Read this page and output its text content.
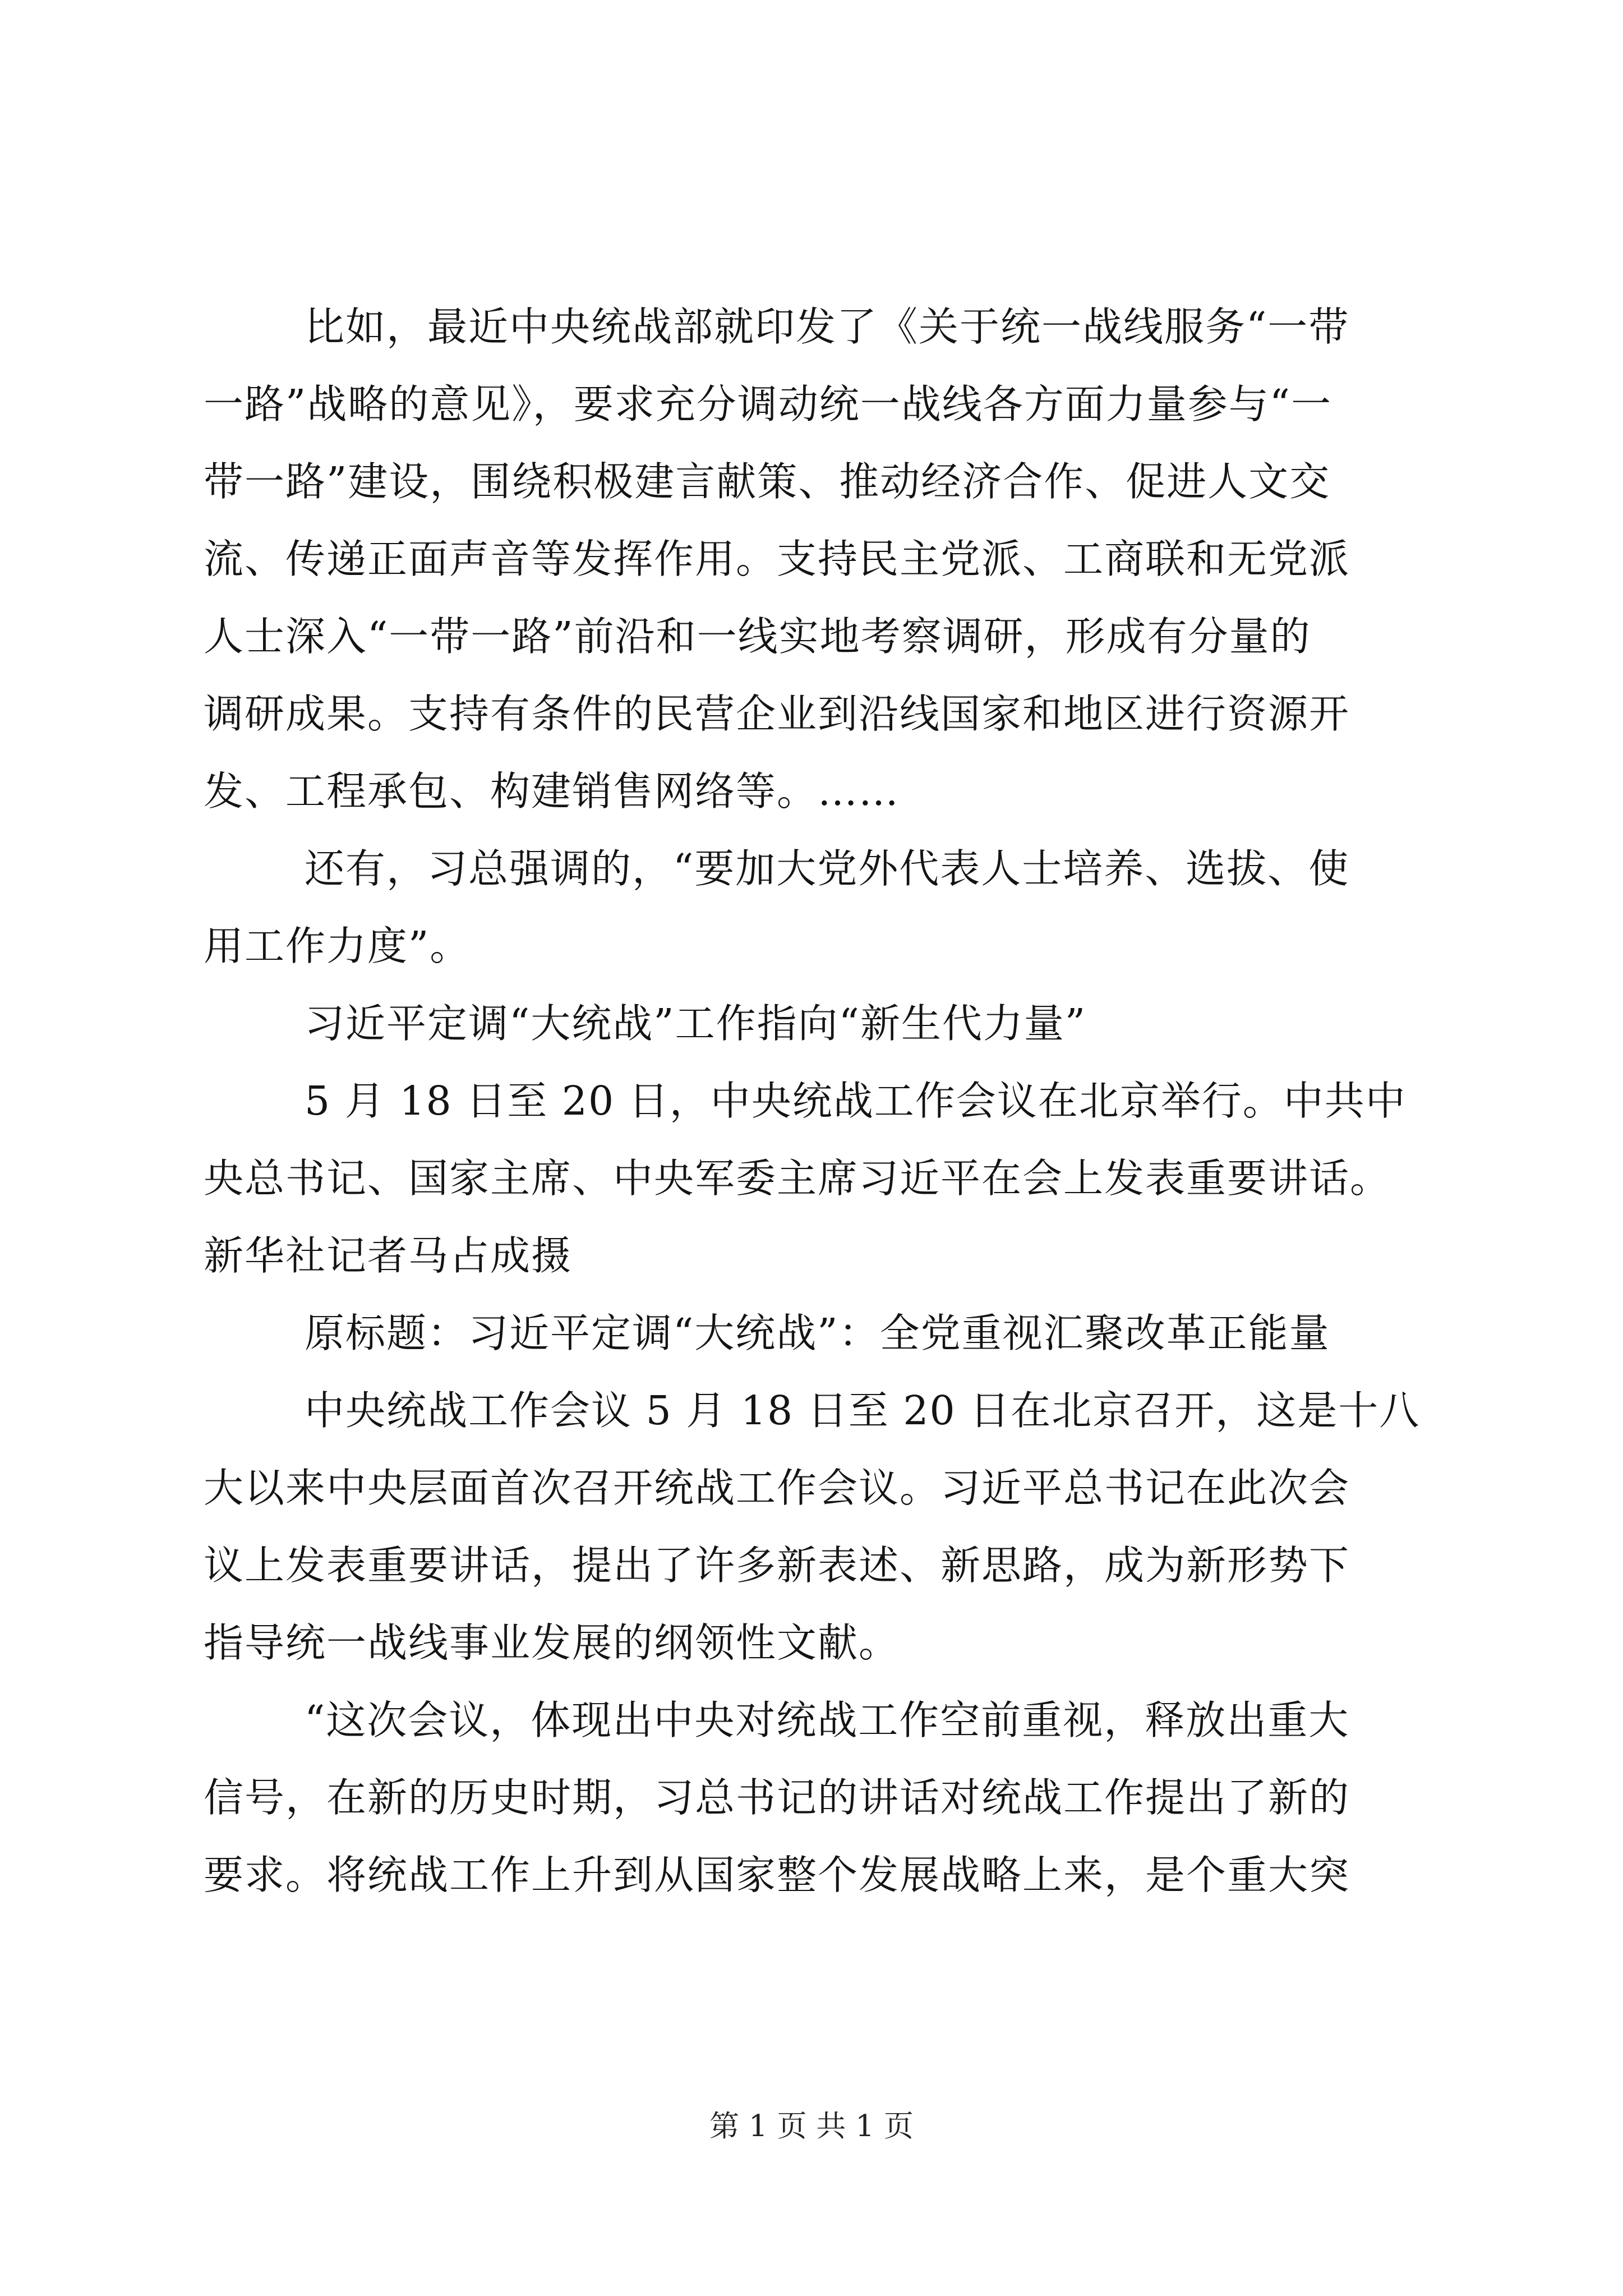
比如，最近中央统战部就印发了《关于统一战线服务“一带
一路”战略的意见》，要求充分调动统一战线各方面力量参与“一
带一路”建设，围绕积极建言献策、推动经济合作、促进人文交
流、传递正面声音等发挥作用。支持民主党派、工商联和无党派
人士深入“一带一路”前沿和一线实地考察调研，形成有分量的
调研成果。支持有条件的民营企业到沿线国家和地区进行资源开
发、工程承包、构建销售网络等。……
还有，习总强调的，“要加大党外代表人士培养、选拔、使
用工作力度”。
习近平定调“大统战”工作指向“新生代力量”
5 月 18 日至 20 日，中央统战工作会议在北京举行。中共中
央总书记、国家主席、中央军委主席习近平在会上发表重要讲话。
新华社记者马占成摄
原标题：习近平定调“大统战”：全党重视汇聚改革正能量
中央统战工作会议 5 月 18 日至 20 日在北京召开，这是十八
大以来中央层面首次召开统战工作会议。习近平总书记在此次会
议上发表重要讲话，提出了许多新表述、新思路，成为新形势下
指导统一战线事业发展的纲领性文献。
“这次会议，体现出中央对统战工作空前重视，释放出重大
信号，在新的历史时期，习总书记的讲话对统战工作提出了新的
要求。将统战工作上升到从国家整个发展战略上来，是个重大突
第 1 页 共 1 页
